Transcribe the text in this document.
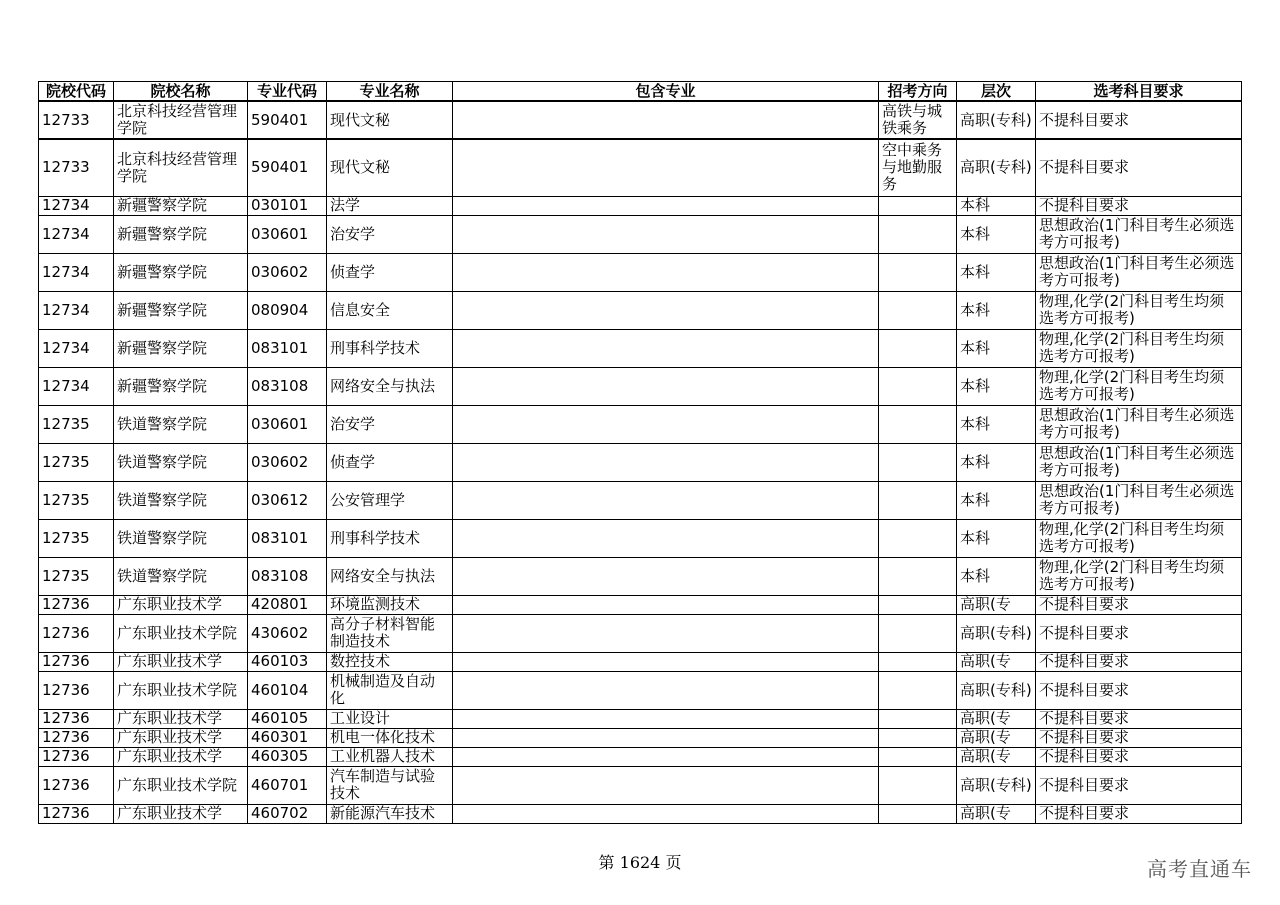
院校代码	院校名称	专业代码	专业名称	包含专业	招考方向	层次	选考科目要求
12733	北京科技经营管理学院	590401	现代文秘		高铁与城铁乘务	高职(专科)	不提科目要求
12733	北京科技经营管理学院	590401	现代文秘		空中乘务与地勤服务	高职(专科)	不提科目要求
12734	新疆警察学院	030101	法学			本科	不提科目要求
12734	新疆警察学院	030601	治安学			本科	思想政治(1门科目考生必须选考方可报考)
12734	新疆警察学院	030602	侦查学			本科	思想政治(1门科目考生必须选考方可报考)
12734	新疆警察学院	080904	信息安全			本科	物理,化学(2门科目考生均须选考方可报考)
12734	新疆警察学院	083101	刑事科学技术			本科	物理,化学(2门科目考生均须选考方可报考)
12734	新疆警察学院	083108	网络安全与执法			本科	物理,化学(2门科目考生均须选考方可报考)
12735	铁道警察学院	030601	治安学			本科	思想政治(1门科目考生必须选考方可报考)
12735	铁道警察学院	030602	侦查学			本科	思想政治(1门科目考生必须选考方可报考)
12735	铁道警察学院	030612	公安管理学			本科	思想政治(1门科目考生必须选考方可报考)
12735	铁道警察学院	083101	刑事科学技术			本科	物理,化学(2门科目考生均须选考方可报考)
12735	铁道警察学院	083108	网络安全与执法			本科	物理,化学(2门科目考生均须选考方可报考)
12736	广东职业技术学	420801	环境监测技术			高职(专	不提科目要求
12736	广东职业技术学院	430602	高分子材料智能制造技术			高职(专科)	不提科目要求
12736	广东职业技术学	460103	数控技术			高职(专	不提科目要求
12736	广东职业技术学院	460104	机械制造及自动化			高职(专科)	不提科目要求
12736	广东职业技术学	460105	工业设计			高职(专	不提科目要求
12736	广东职业技术学	460301	机电一体化技术			高职(专	不提科目要求
12736	广东职业技术学	460305	工业机器人技术			高职(专	不提科目要求
12736	广东职业技术学院	460701	汽车制造与试验技术			高职(专科)	不提科目要求
12736	广东职业技术学	460702	新能源汽车技术			高职(专	不提科目要求
第 1624 页	高考直通车
